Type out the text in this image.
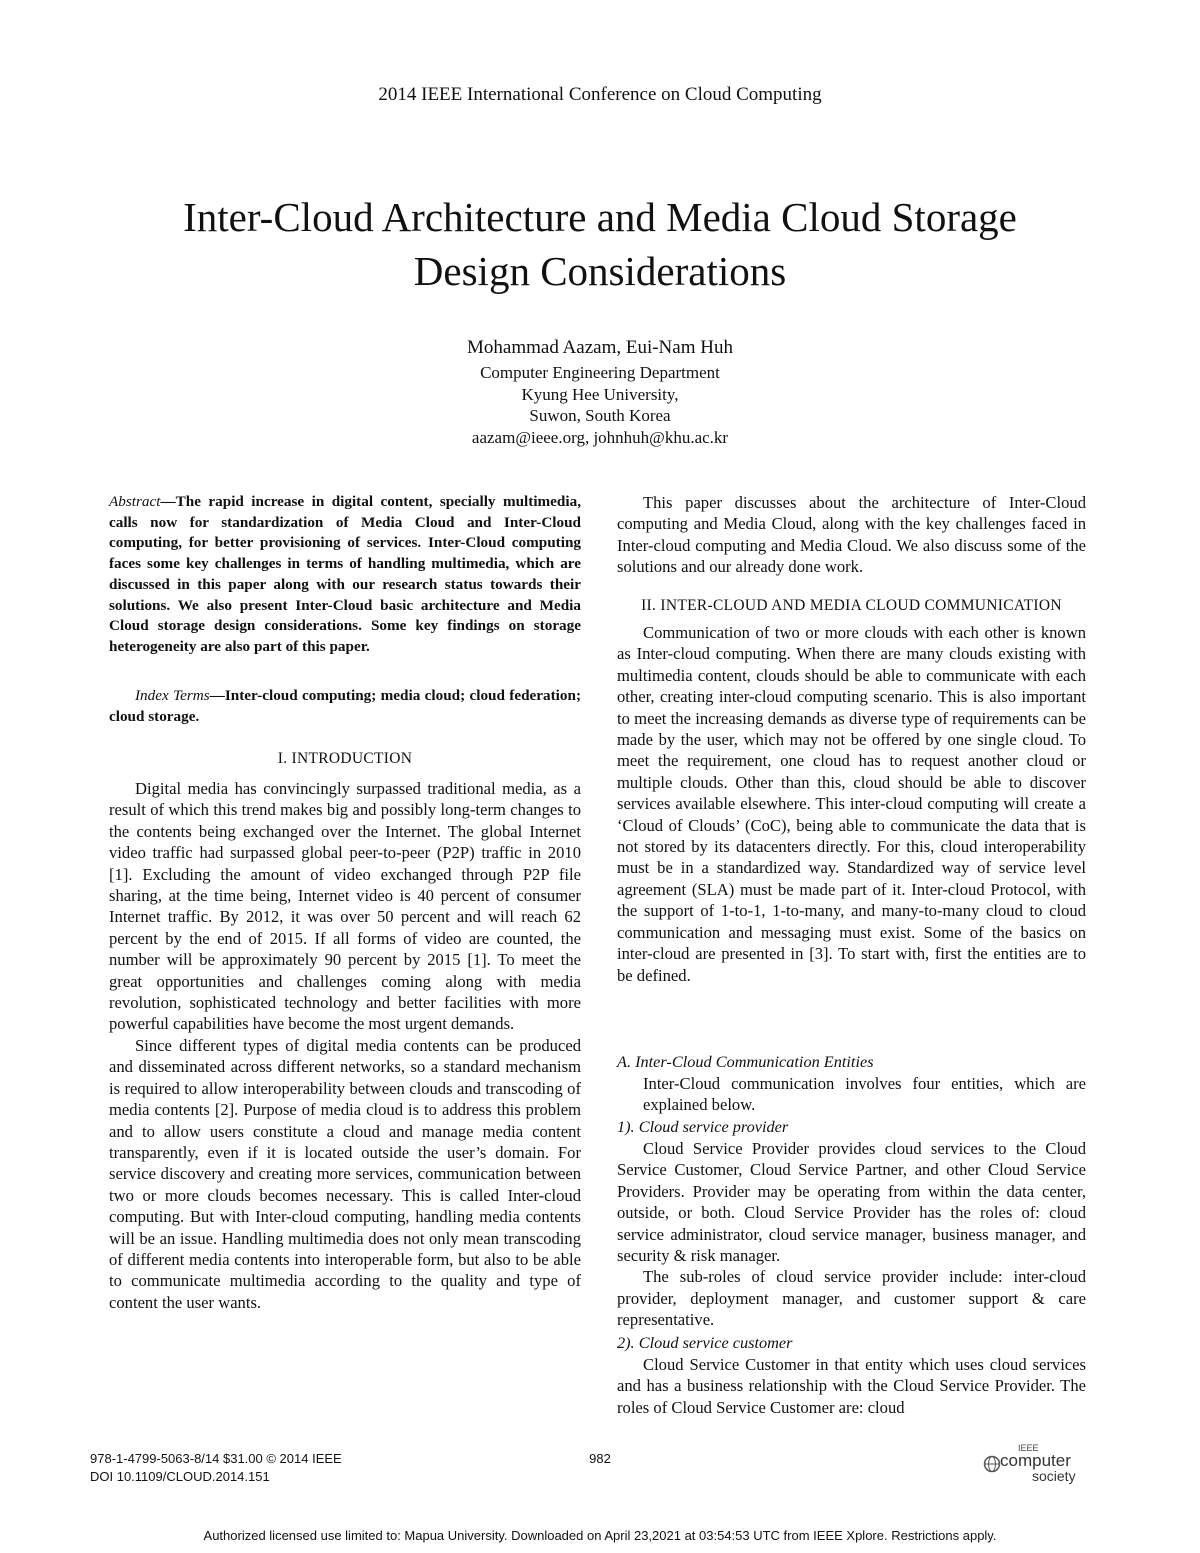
2014 IEEE International Conference on Cloud Computing
Inter-Cloud Architecture and Media Cloud Storage
Design Considerations
Mohammad Aazam, Eui-Nam Huh
Computer Engineering Department
Kyung Hee University,
Suwon, South Korea
aazam@ieee.org, johnhuh@khu.ac.kr

Abstract—The rapid increase in digital content, specially multimedia, calls now for standardization of Media Cloud and Inter-Cloud computing, for better provisioning of services. Inter-Cloud computing faces some key challenges in terms of handling multimedia, which are discussed in this paper along with our research status towards their solutions. We also present Inter-Cloud basic architecture and Media Cloud storage design considerations. Some key findings on storage heterogeneity are also part of this paper.

Index Terms—Inter-cloud computing; media cloud; cloud federation; cloud storage.

I. INTRODUCTION

Digital media has convincingly surpassed traditional media, as a result of which this trend makes big and possibly long-term changes to the contents being exchanged over the Internet. The global Internet video traffic had surpassed global peer-to-peer (P2P) traffic in 2010 [1]. Excluding the amount of video exchanged through P2P file sharing, at the time being, Internet video is 40 percent of consumer Internet traffic. By 2012, it was over 50 percent and will reach 62 percent by the end of 2015. If all forms of video are counted, the number will be approximately 90 percent by 2015 [1]. To meet the great opportunities and challenges coming along with media revolution, sophisticated technology and better facilities with more powerful capabilities have become the most urgent demands.

Since different types of digital media contents can be produced and disseminated across different networks, so a standard mechanism is required to allow interoperability between clouds and transcoding of media contents [2]. Purpose of media cloud is to address this problem and to allow users constitute a cloud and manage media content transparently, even if it is located outside the user’s domain. For service discovery and creating more services, communication between two or more clouds becomes necessary. This is called Inter-cloud computing. But with Inter-cloud computing, handling media contents will be an issue. Handling multimedia does not only mean transcoding of different media contents into interoperable form, but also to be able to communicate multimedia according to the quality and type of content the user wants.

This paper discusses about the architecture of Inter-Cloud computing and Media Cloud, along with the key challenges faced in Inter-cloud computing and Media Cloud. We also discuss some of the solutions and our already done work.

II. INTER-CLOUD AND MEDIA CLOUD COMMUNICATION

Communication of two or more clouds with each other is known as Inter-cloud computing. When there are many clouds existing with multimedia content, clouds should be able to communicate with each other, creating inter-cloud computing scenario. This is also important to meet the increasing demands as diverse type of requirements can be made by the user, which may not be offered by one single cloud. To meet the requirement, one cloud has to request another cloud or multiple clouds. Other than this, cloud should be able to discover services available elsewhere. This inter-cloud computing will create a ‘Cloud of Clouds’ (CoC), being able to communicate the data that is not stored by its datacenters directly. For this, cloud interoperability must be in a standardized way. Standardized way of service level agreement (SLA) must be made part of it. Inter-cloud Protocol, with the support of 1-to-1, 1-to-many, and many-to-many cloud to cloud communication and messaging must exist. Some of the basics on inter-cloud are presented in [3]. To start with, first the entities are to be defined.

A. Inter-Cloud Communication Entities

Inter-Cloud communication involves four entities, which are explained below.

1). Cloud service provider

Cloud Service Provider provides cloud services to the Cloud Service Customer, Cloud Service Partner, and other Cloud Service Providers. Provider may be operating from within the data center, outside, or both. Cloud Service Provider has the roles of: cloud service administrator, cloud service manager, business manager, and security & risk manager.

The sub-roles of cloud service provider include: inter-cloud provider, deployment manager, and customer support & care representative.

2). Cloud service customer

Cloud Service Customer in that entity which uses cloud services and has a business relationship with the Cloud Service Provider. The roles of Cloud Service Customer are: cloud

978-1-4799-5063-8/14 $31.00 © 2014 IEEE
DOI 10.1109/CLOUD.2014.151
982
IEEE
computer
society
Authorized licensed use limited to: Mapua University. Downloaded on April 23,2021 at 03:54:53 UTC from IEEE Xplore. Restrictions apply.
